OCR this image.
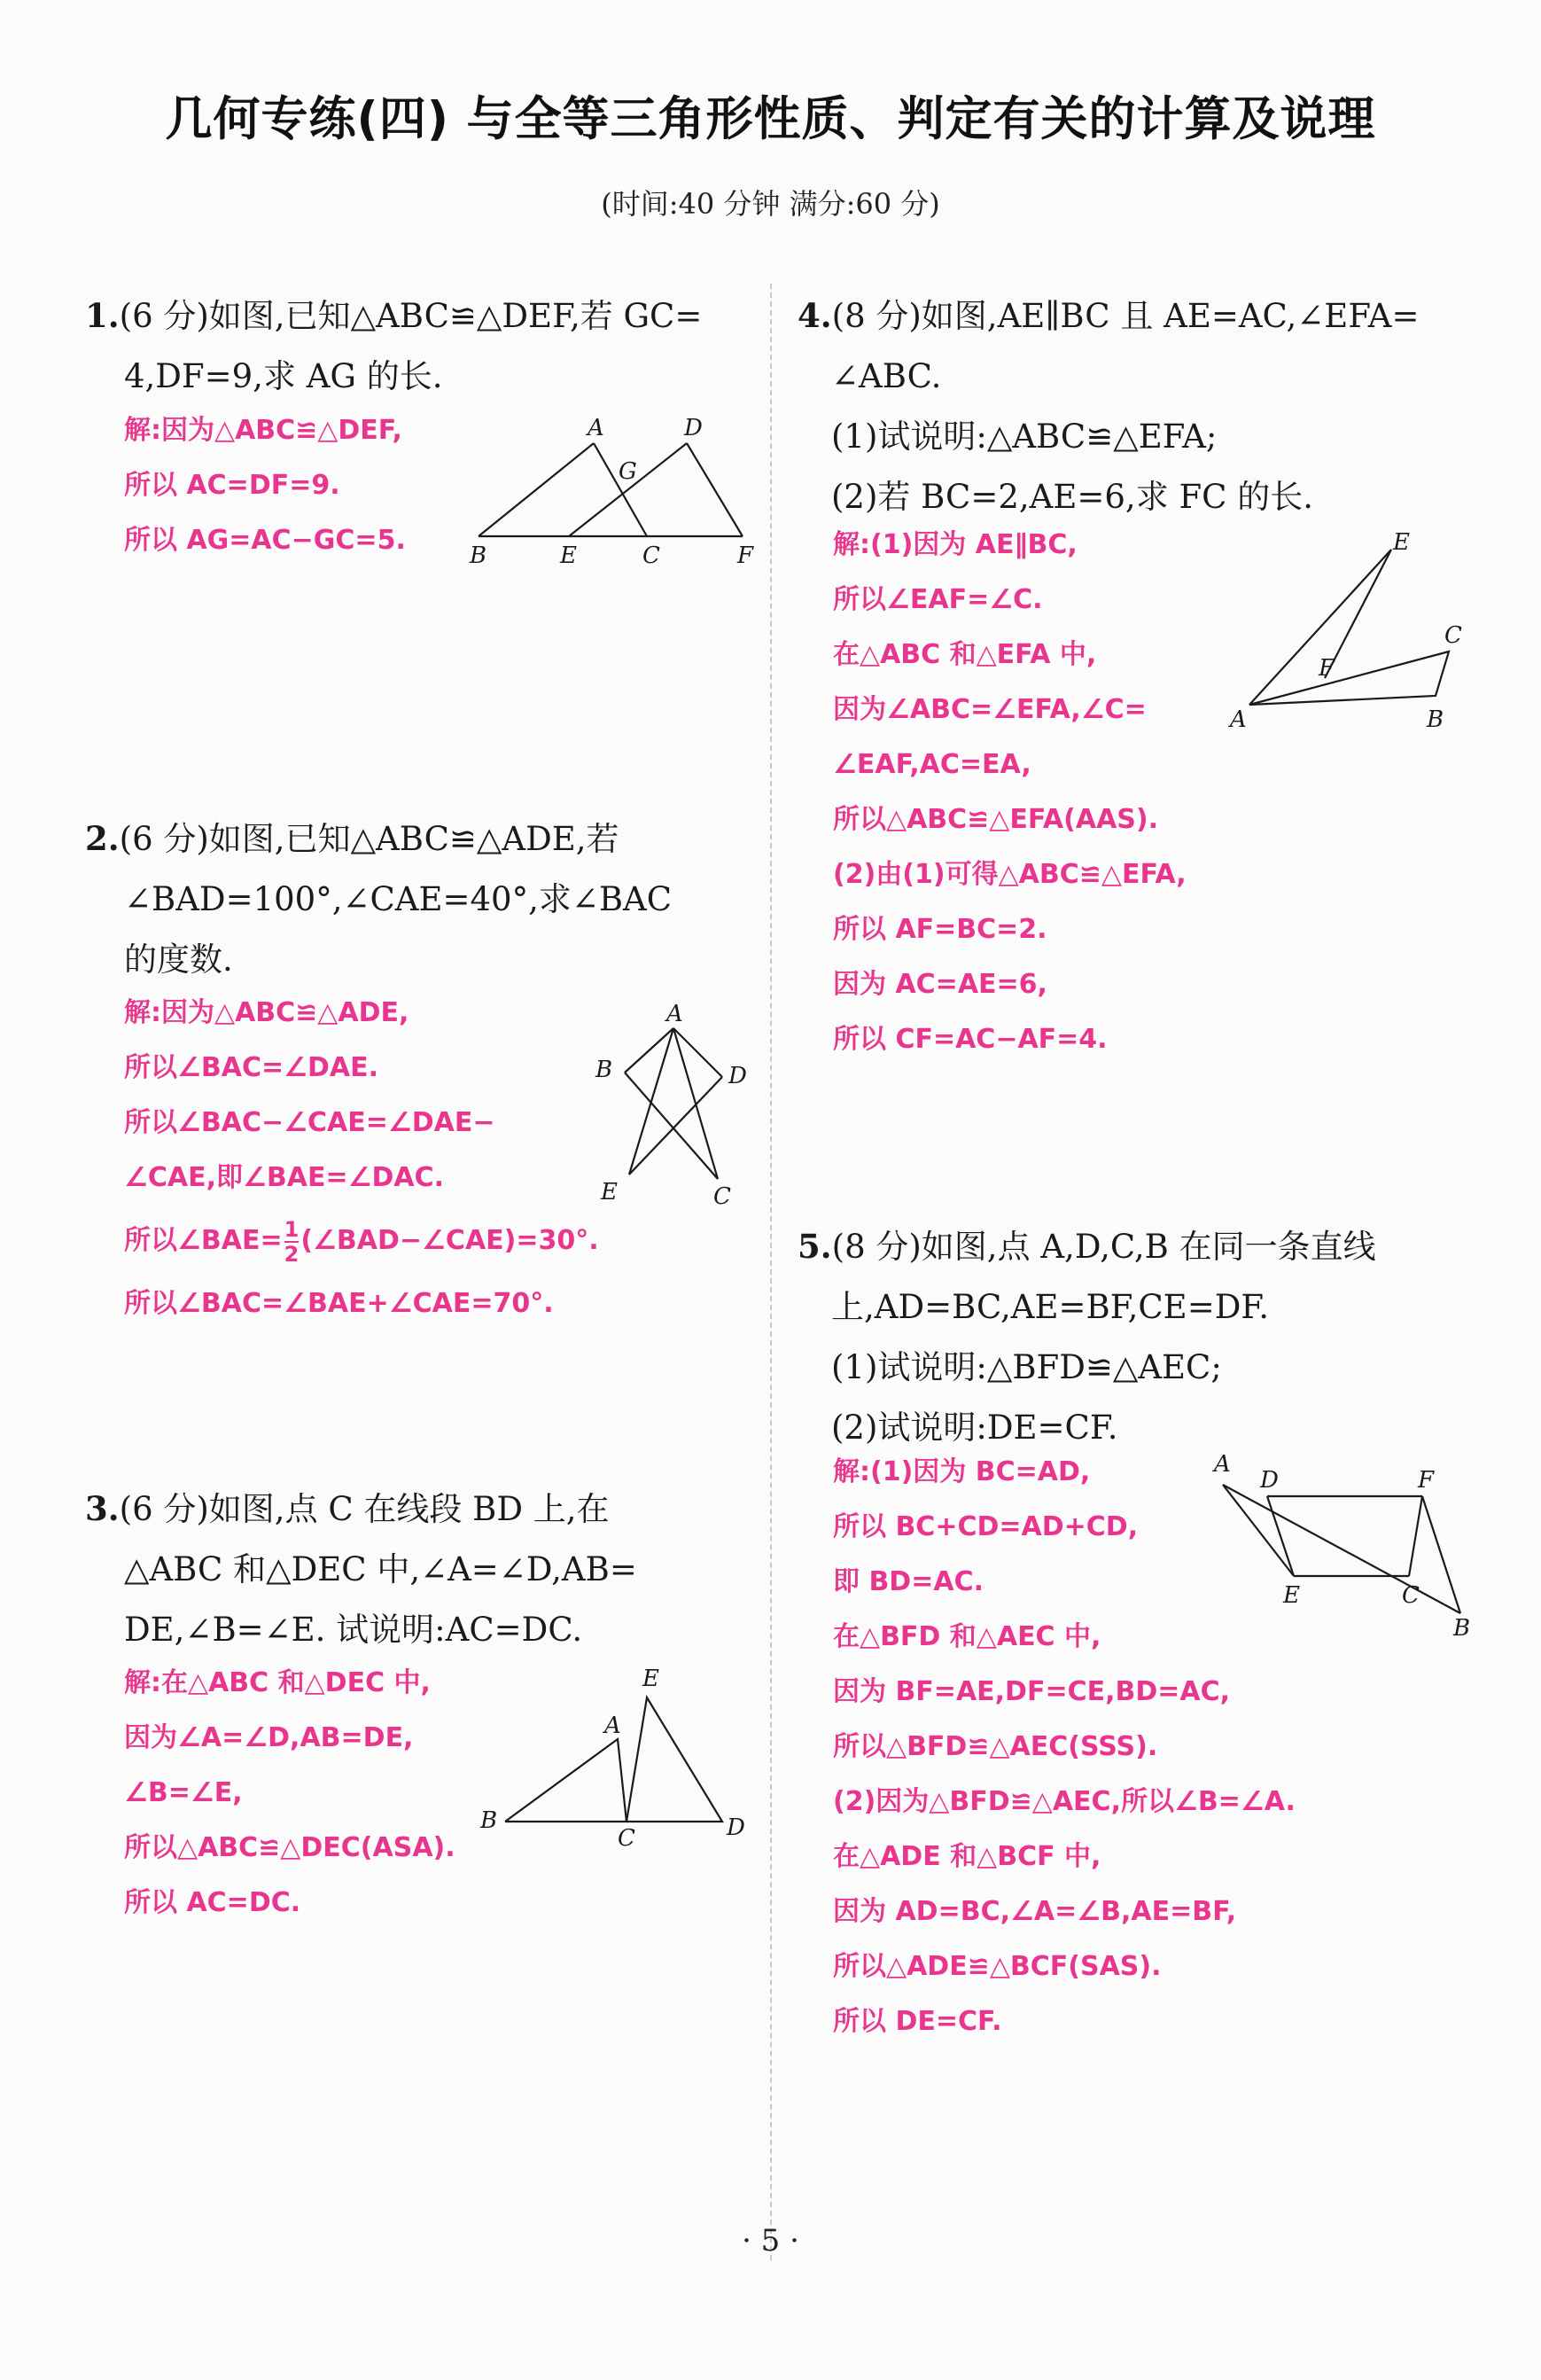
几何专练(四) 与全等三角形性质、判定有关的计算及说理
(时间:40 分钟 满分:60 分)
1.(6 分)如图,已知△ABC≌△DEF,若 GC=
4,DF=9,求 AG 的长.
解:因为△ABC≌△DEF,
所以 AC=DF=9.
所以 AG=AC−GC=5.
A	D
G
B	E	C	F
2.(6 分)如图,已知△ABC≌△ADE,若
∠BAD=100°,∠CAE=40°,求∠BAC
的度数.
解:因为△ABC≌△ADE,
所以∠BAC=∠DAE.
所以∠BAC−∠CAE=∠DAE−
∠CAE,即∠BAE=∠DAC.
所以∠BAE= $\frac{1}{2}$ (∠BAD−∠CAE)=30°.
所以∠BAC=∠BAE+∠CAE=70°.
A
B	D
E	C
3.(6 分)如图,点 C 在线段 BD 上,在
△ABC 和△DEC 中,∠A=∠D,AB=
DE,∠B=∠E. 试说明:AC=DC.
解:在△ABC 和△DEC 中,
因为∠A=∠D,AB=DE,
∠B=∠E,
所以△ABC≌△DEC(ASA).
所以 AC=DC.
E
A
B
C	D
4.(8 分)如图,AE∥BC 且 AE=AC,∠EFA=
∠ABC.
(1)试说明:△ABC≌△EFA;
(2)若 BC=2,AE=6,求 FC 的长.
解:(1)因为 AE∥BC,
所以∠EAF=∠C.
在△ABC 和△EFA 中,
因为∠ABC=∠EFA,∠C=
∠EAF,AC=EA,
所以△ABC≌△EFA(AAS).
(2)由(1)可得△ABC≌△EFA,
所以 AF=BC=2.
因为 AC=AE=6,
所以 CF=AC−AF=4.
E
C
F
A	B
5.(8 分)如图,点 A,D,C,B 在同一条直线
上,AD=BC,AE=BF,CE=DF.
(1)试说明:△BFD≌△AEC;
(2)试说明:DE=CF.
解:(1)因为 BC=AD,
所以 BC+CD=AD+CD,
即 BD=AC.
在△BFD 和△AEC 中,
因为 BF=AE,DF=CE,BD=AC,
所以△BFD≌△AEC(SSS).
(2)因为△BFD≌△AEC,所以∠B=∠A.
在△ADE 和△BCF 中,
因为 AD=BC,∠A=∠B,AE=BF,
所以△ADE≌△BCF(SAS).
所以 DE=CF.
A
D	F
E	C
B
· 5 ·
